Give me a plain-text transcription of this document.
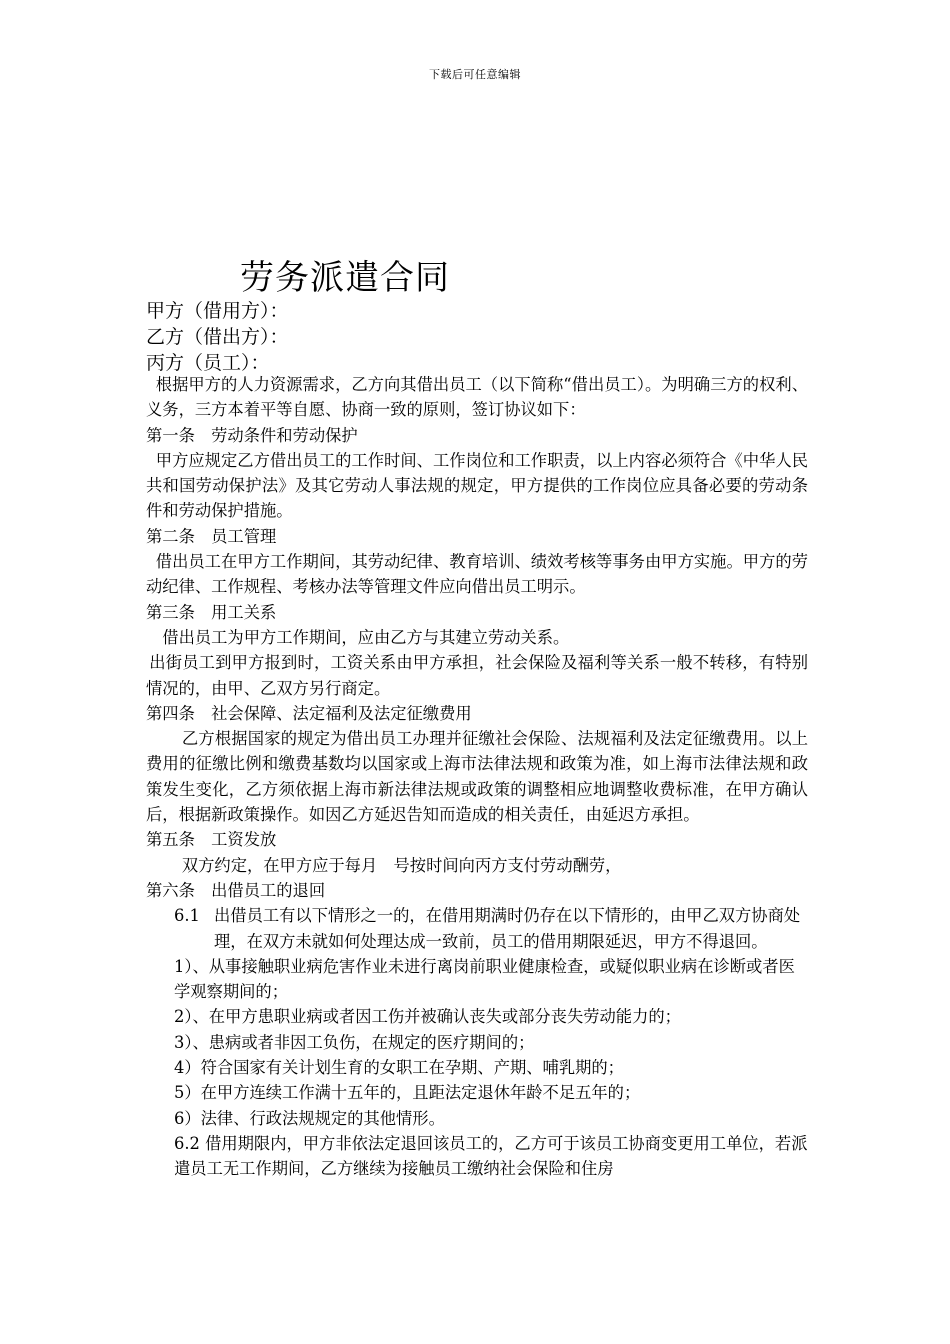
下载后可任意编辑
劳务派遣合同
甲方（借用方）：
乙方（借出方）：
丙方（员工）：

根据甲方的人力资源需求，乙方向其借出员工（以下简称“借出员工）。为明确三方的权利、义务，三方本着平等自愿、协商一致的原则，签订协议如下：

第一条　劳动条件和劳动保护

甲方应规定乙方借出员工的工作时间、工作岗位和工作职责，以上内容必须符合《中华人民共和国劳动保护法》及其它劳动人事法规的规定，甲方提供的工作岗位应具备必要的劳动条件和劳动保护措施。

第二条　员工管理

借出员工在甲方工作期间，其劳动纪律、教育培训、绩效考核等事务由甲方实施。甲方的劳动纪律、工作规程、考核办法等管理文件应向借出员工明示。

第三条　用工关系

借出员工为甲方工作期间，应由乙方与其建立劳动关系。

出街员工到甲方报到时，工资关系由甲方承担，社会保险及福利等关系一般不转移，有特别情况的，由甲、乙双方另行商定。

第四条　社会保障、法定福利及法定征缴费用

乙方根据国家的规定为借出员工办理并征缴社会保险、法规福利及法定征缴费用。以上费用的征缴比例和缴费基数均以国家或上海市法律法规和政策为准，如上海市法律法规和政策发生变化，乙方须依据上海市新法律法规或政策的调整相应地调整收费标准，在甲方确认后，根据新政策操作。如因乙方延迟告知而造成的相关责任，由延迟方承担。

第五条　工资发放

双方约定，在甲方应于每月　号按时间向丙方支付劳动酬劳，

第六条　出借员工的退回

6.1 出借员工有以下情形之一的，在借用期满时仍存在以下情形的，由甲乙双方协商处理，在双方未就如何处理达成一致前，员工的借用期限延迟，甲方不得退回。

1）、从事接触职业病危害作业未进行离岗前职业健康检查，或疑似职业病在诊断或者医学观察期间的；

2）、在甲方患职业病或者因工伤并被确认丧失或部分丧失劳动能力的；

3）、患病或者非因工负伤，在规定的医疗期间的；

4）符合国家有关计划生育的女职工在孕期、产期、哺乳期的；

5）在甲方连续工作满十五年的，且距法定退休年龄不足五年的；

6）法律、行政法规规定的其他情形。

6.2 借用期限内，甲方非依法定退回该员工的，乙方可于该员工协商变更用工单位，若派遣员工无工作期间，乙方继续为接触员工缴纳社会保险和住房
